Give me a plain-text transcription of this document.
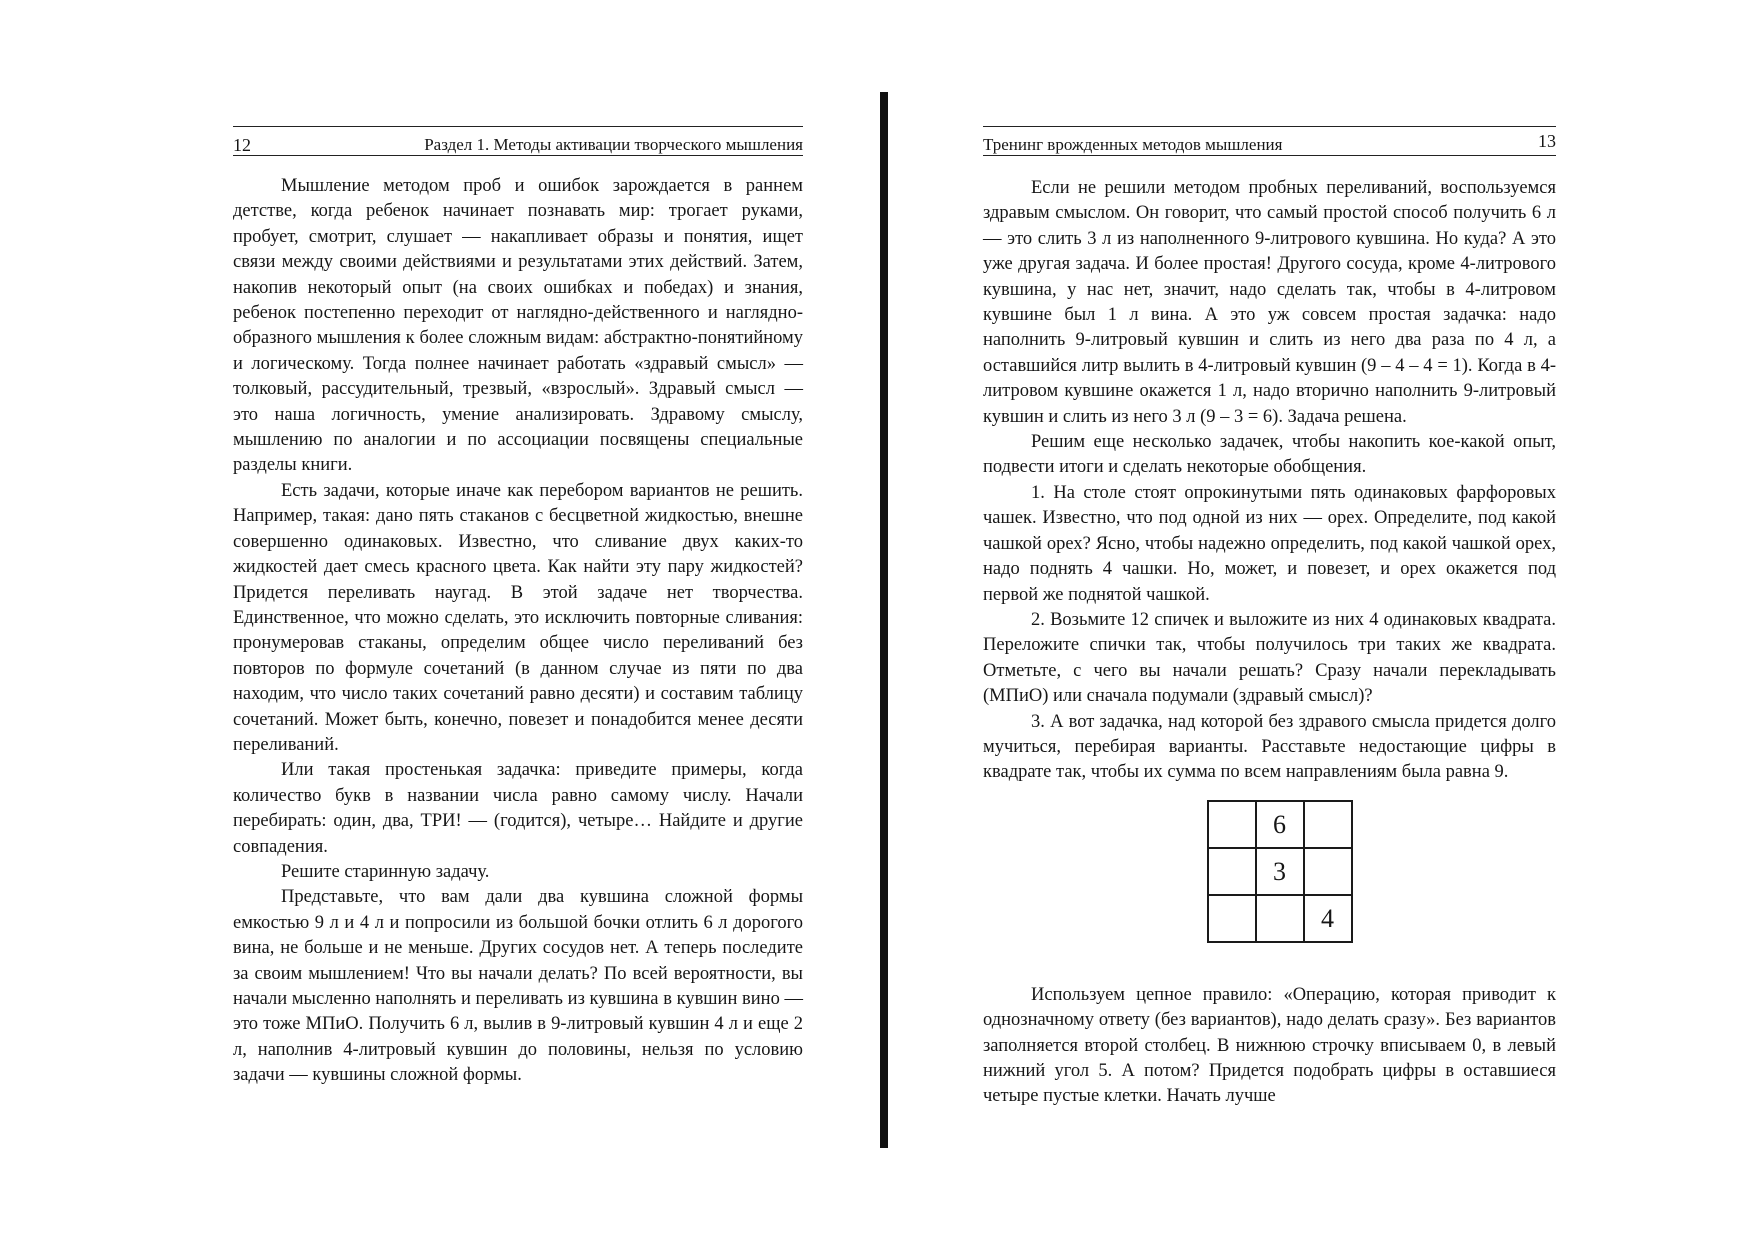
12	Раздел 1. Методы активации творческого мышления

Мышление методом проб и ошибок зарождается в раннем детстве, когда ребенок начинает познавать мир: трогает руками, пробует, смотрит, слушает — накапливает образы и понятия, ищет связи между своими действиями и результатами этих действий. Затем, накопив некоторый опыт (на своих ошибках и победах) и знания, ребенок постепенно переходит от наглядно-действенного и наглядно-образного мышления к более сложным видам: абстрактно-понятийному и логическому. Тогда полнее начинает работать «здравый смысл» — толковый, рассудительный, трезвый, «взрослый». Здравый смысл — это наша логичность, умение анализировать. Здравому смыслу, мышлению по аналогии и по ассоциации посвящены специальные разделы книги.

Есть задачи, которые иначе как перебором вариантов не решить. Например, такая: дано пять стаканов с бесцветной жидкостью, внешне совершенно одинаковых. Известно, что сливание двух каких-то жидкостей дает смесь красного цвета. Как найти эту пару жидкостей? Придется переливать наугад. В этой задаче нет творчества. Единственное, что можно сделать, это исключить повторные сливания: пронумеровав стаканы, определим общее число переливаний без повторов по формуле сочетаний (в данном случае из пяти по два находим, что число таких сочетаний равно десяти) и составим таблицу сочетаний. Может быть, конечно, повезет и понадобится менее десяти переливаний.

Или такая простенькая задачка: приведите примеры, когда количество букв в названии числа равно самому числу. Начали перебирать: один, два, ТРИ! — (годится), четыре… Найдите и другие совпадения.

Решите старинную задачу.

Представьте, что вам дали два кувшина сложной формы емкостью 9 л и 4 л и попросили из большой бочки отлить 6 л дорогого вина, не больше и не меньше. Других сосудов нет. А теперь последите за своим мышлением! Что вы начали делать? По всей вероятности, вы начали мысленно наполнять и переливать из кувшина в кувшин вино — это тоже МПиО. Получить 6 л, вылив в 9-литровый кувшин 4 л и еще 2 л, наполнив 4-литровый кувшин до половины, нельзя по условию задачи — кувшины сложной формы.

Тренинг врожденных методов мышления	13

Если не решили методом пробных переливаний, воспользуемся здравым смыслом. Он говорит, что самый простой способ получить 6 л — это слить 3 л из наполненного 9-литрового кувшина. Но куда? А это уже другая задача. И более простая! Другого сосуда, кроме 4-литрового кувшина, у нас нет, значит, надо сделать так, чтобы в 4-литровом кувшине был 1 л вина. А это уж совсем простая задачка: надо наполнить 9-литровый кувшин и слить из него два раза по 4 л, а оставшийся литр вылить в 4-литровый кувшин (9 – 4 – 4 = 1). Когда в 4-литровом кувшине окажется 1 л, надо вторично наполнить 9-литровый кувшин и слить из него 3 л (9 – 3 = 6). Задача решена.

Решим еще несколько задачек, чтобы накопить кое-какой опыт, подвести итоги и сделать некоторые обобщения.

1. На столе стоят опрокинутыми пять одинаковых фарфоровых чашек. Известно, что под одной из них — орех. Определите, под какой чашкой орех? Ясно, чтобы надежно определить, под какой чашкой орех, надо поднять 4 чашки. Но, может, и повезет, и орех окажется под первой же поднятой чашкой.

2. Возьмите 12 спичек и выложите из них 4 одинаковых квадрата. Переложите спички так, чтобы получилось три таких же квадрата. Отметьте, с чего вы начали решать? Сразу начали перекладывать (МПиО) или сначала подумали (здравый смысл)?

3. А вот задачка, над которой без здравого смысла придется долго мучиться, перебирая варианты. Расставьте недостающие цифры в квадрате так, чтобы их сумма по всем направлениям была равна 9.

	6	
	3	
		4

Используем цепное правило: «Операцию, которая приводит к однозначному ответу (без вариантов), надо делать сразу». Без вариантов заполняется второй столбец. В нижнюю строчку вписываем 0, в левый нижний угол 5. А потом? Придется подобрать цифры в оставшиеся четыре пустые клетки. Начать лучше
